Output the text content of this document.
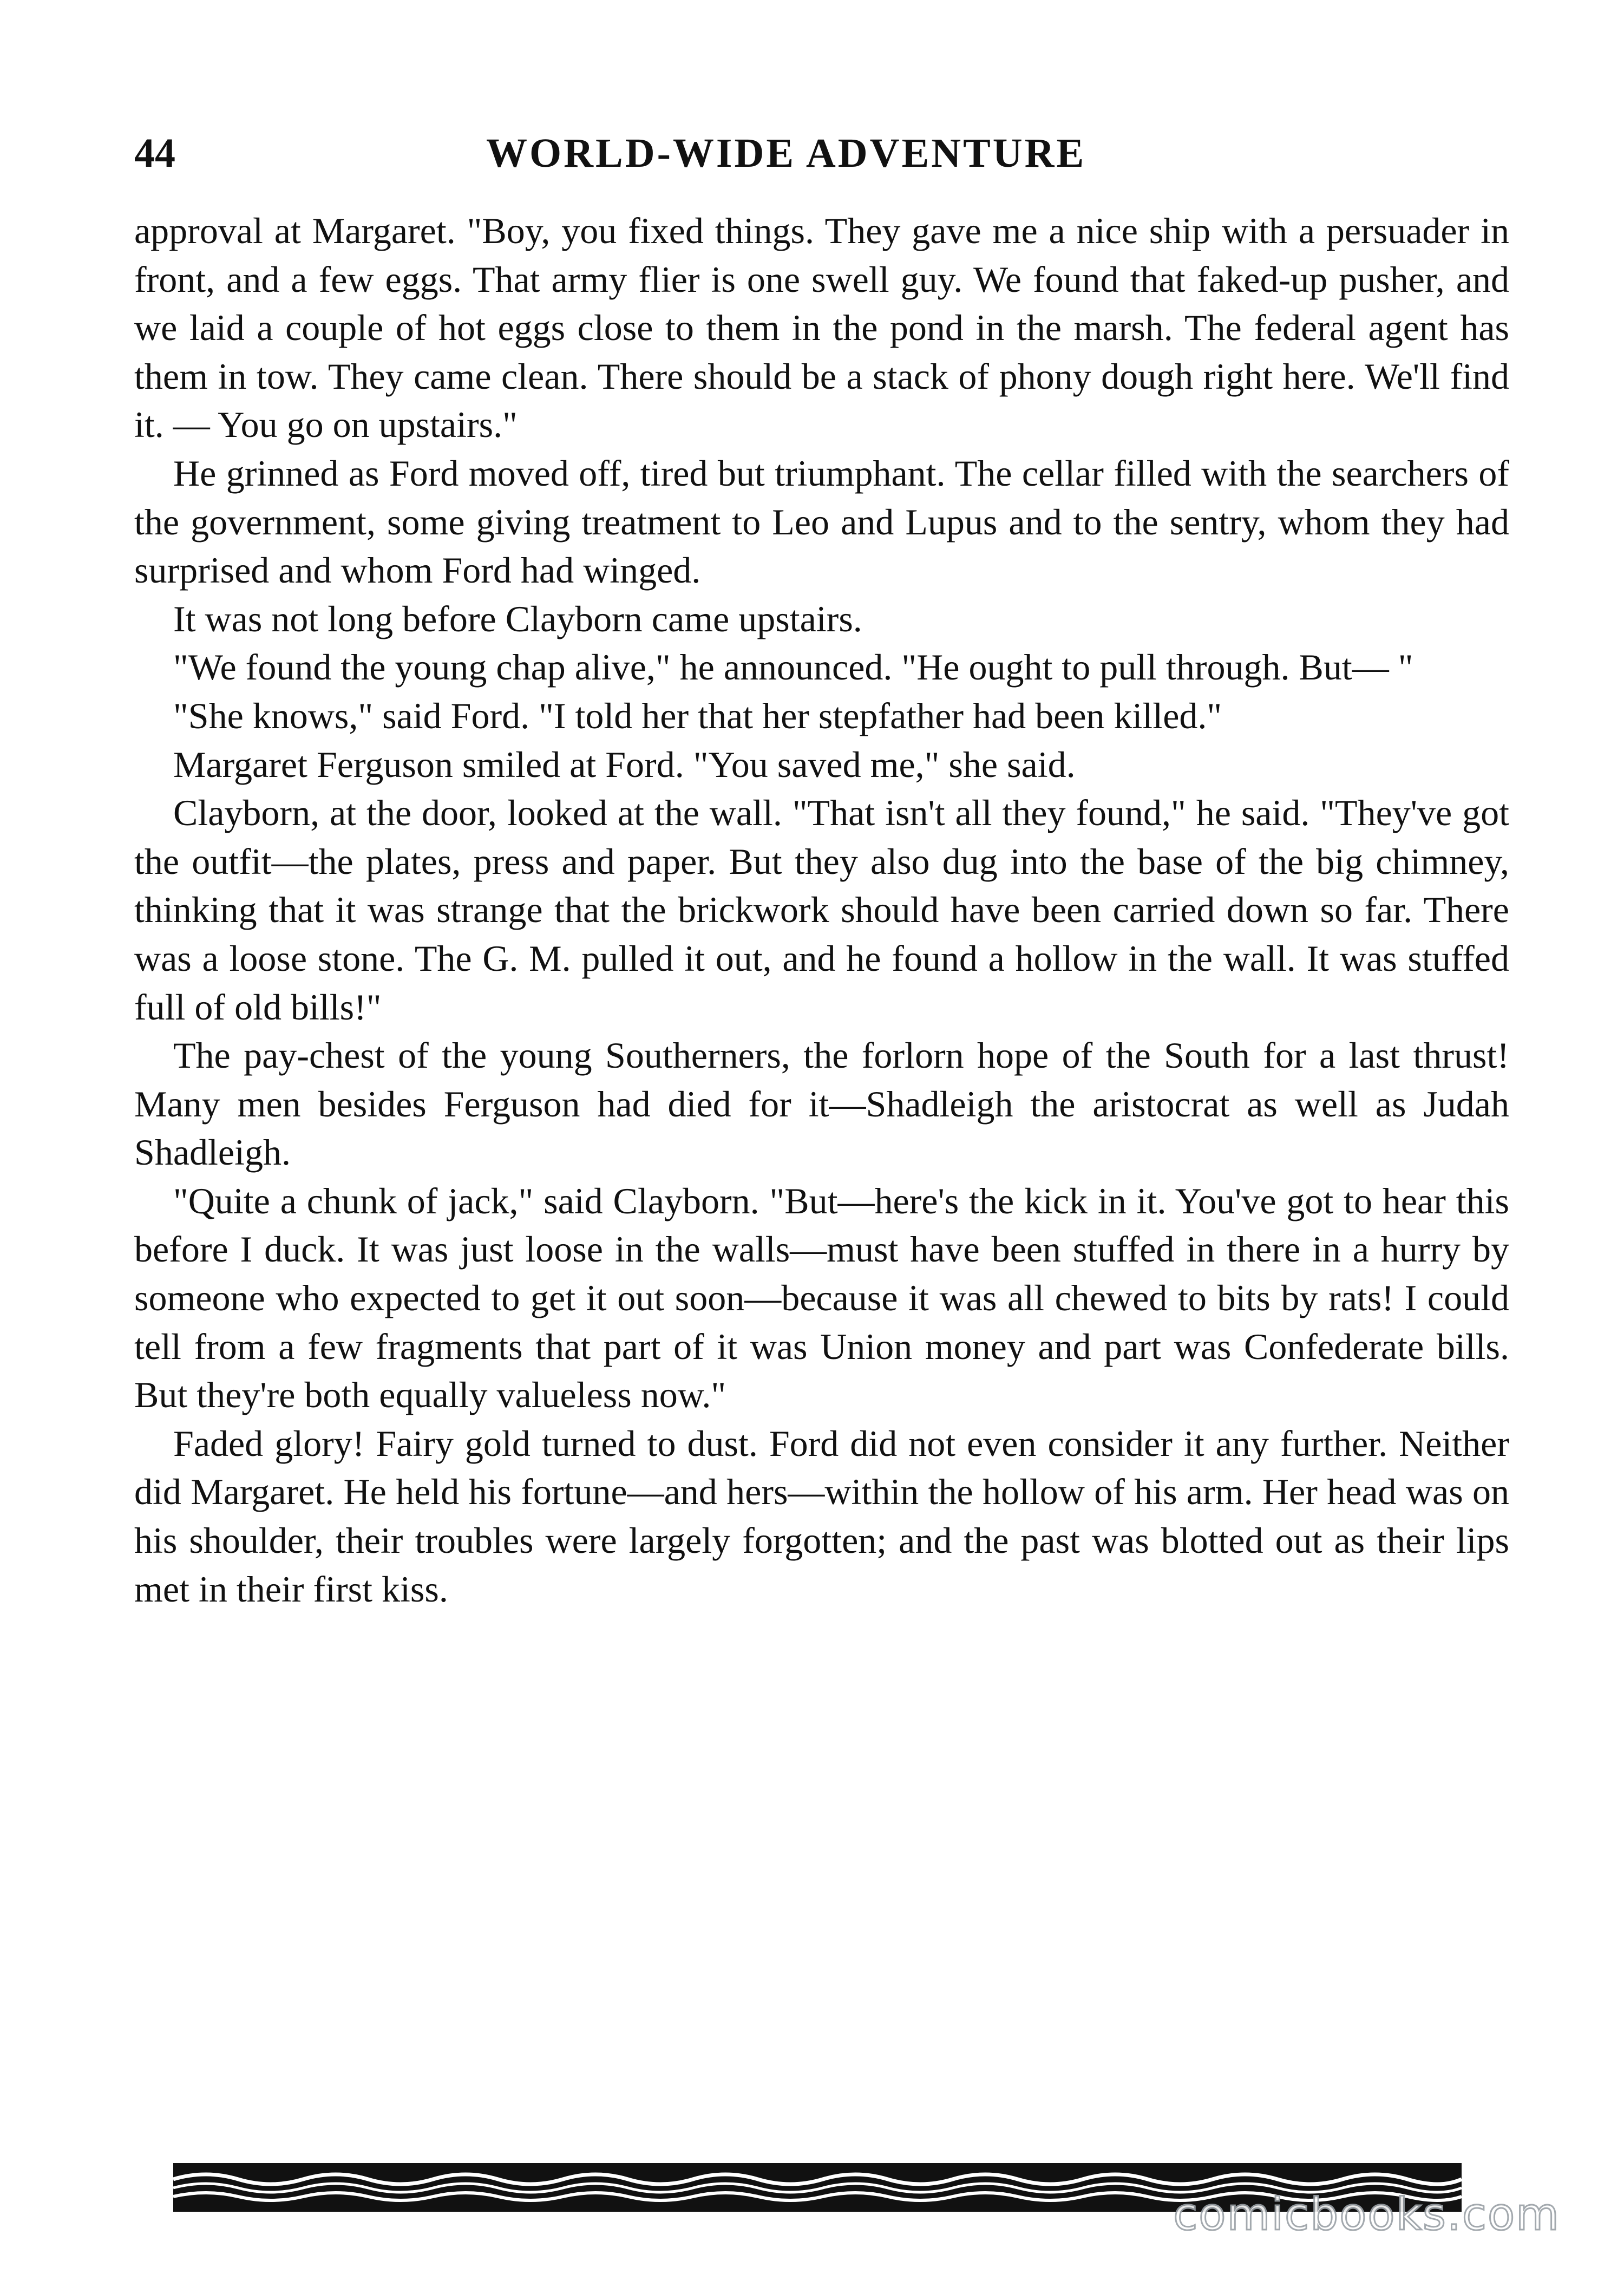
44	WORLD-WIDE ADVENTURE

approval at Margaret. "Boy, you fixed things. They gave me a nice ship with a persuader in front, and a few eggs. That army flier is one swell guy. We found that faked-up pusher, and we laid a couple of hot eggs close to them in the pond in the marsh. The federal agent has them in tow. They came clean. There should be a stack of phony dough right here. We'll find it. — You go on upstairs."

He grinned as Ford moved off, tired but triumphant. The cellar filled with the searchers of the government, some giving treatment to Leo and Lupus and to the sentry, whom they had surprised and whom Ford had winged.

It was not long before Clayborn came upstairs.

"We found the young chap alive," he announced. "He ought to pull through. But— "

"She knows," said Ford. "I told her that her stepfather had been killed."

Margaret Ferguson smiled at Ford. "You saved me," she said.

Clayborn, at the door, looked at the wall. "That isn't all they found," he said. "They've got the outfit—the plates, press and paper. But they also dug into the base of the big chimney, thinking that it was strange that the brickwork should have been carried down so far. There was a loose stone. The G. M. pulled it out, and he found a hollow in the wall. It was stuffed full of old bills!"

The pay-chest of the young Southerners, the forlorn hope of the South for a last thrust! Many men besides Ferguson had died for it—Shadleigh the aristocrat as well as Judah Shadleigh.

"Quite a chunk of jack," said Clayborn. "But—here's the kick in it. You've got to hear this before I duck. It was just loose in the walls—must have been stuffed in there in a hurry by someone who expected to get it out soon—because it was all chewed to bits by rats! I could tell from a few fragments that part of it was Union money and part was Confederate bills. But they're both equally valueless now."

Faded glory! Fairy gold turned to dust. Ford did not even consider it any further. Neither did Margaret. He held his fortune—and hers—within the hollow of his arm. Her head was on his shoulder, their troubles were largely forgotten; and the past was blotted out as their lips met in their first kiss.

comicbooks.com
